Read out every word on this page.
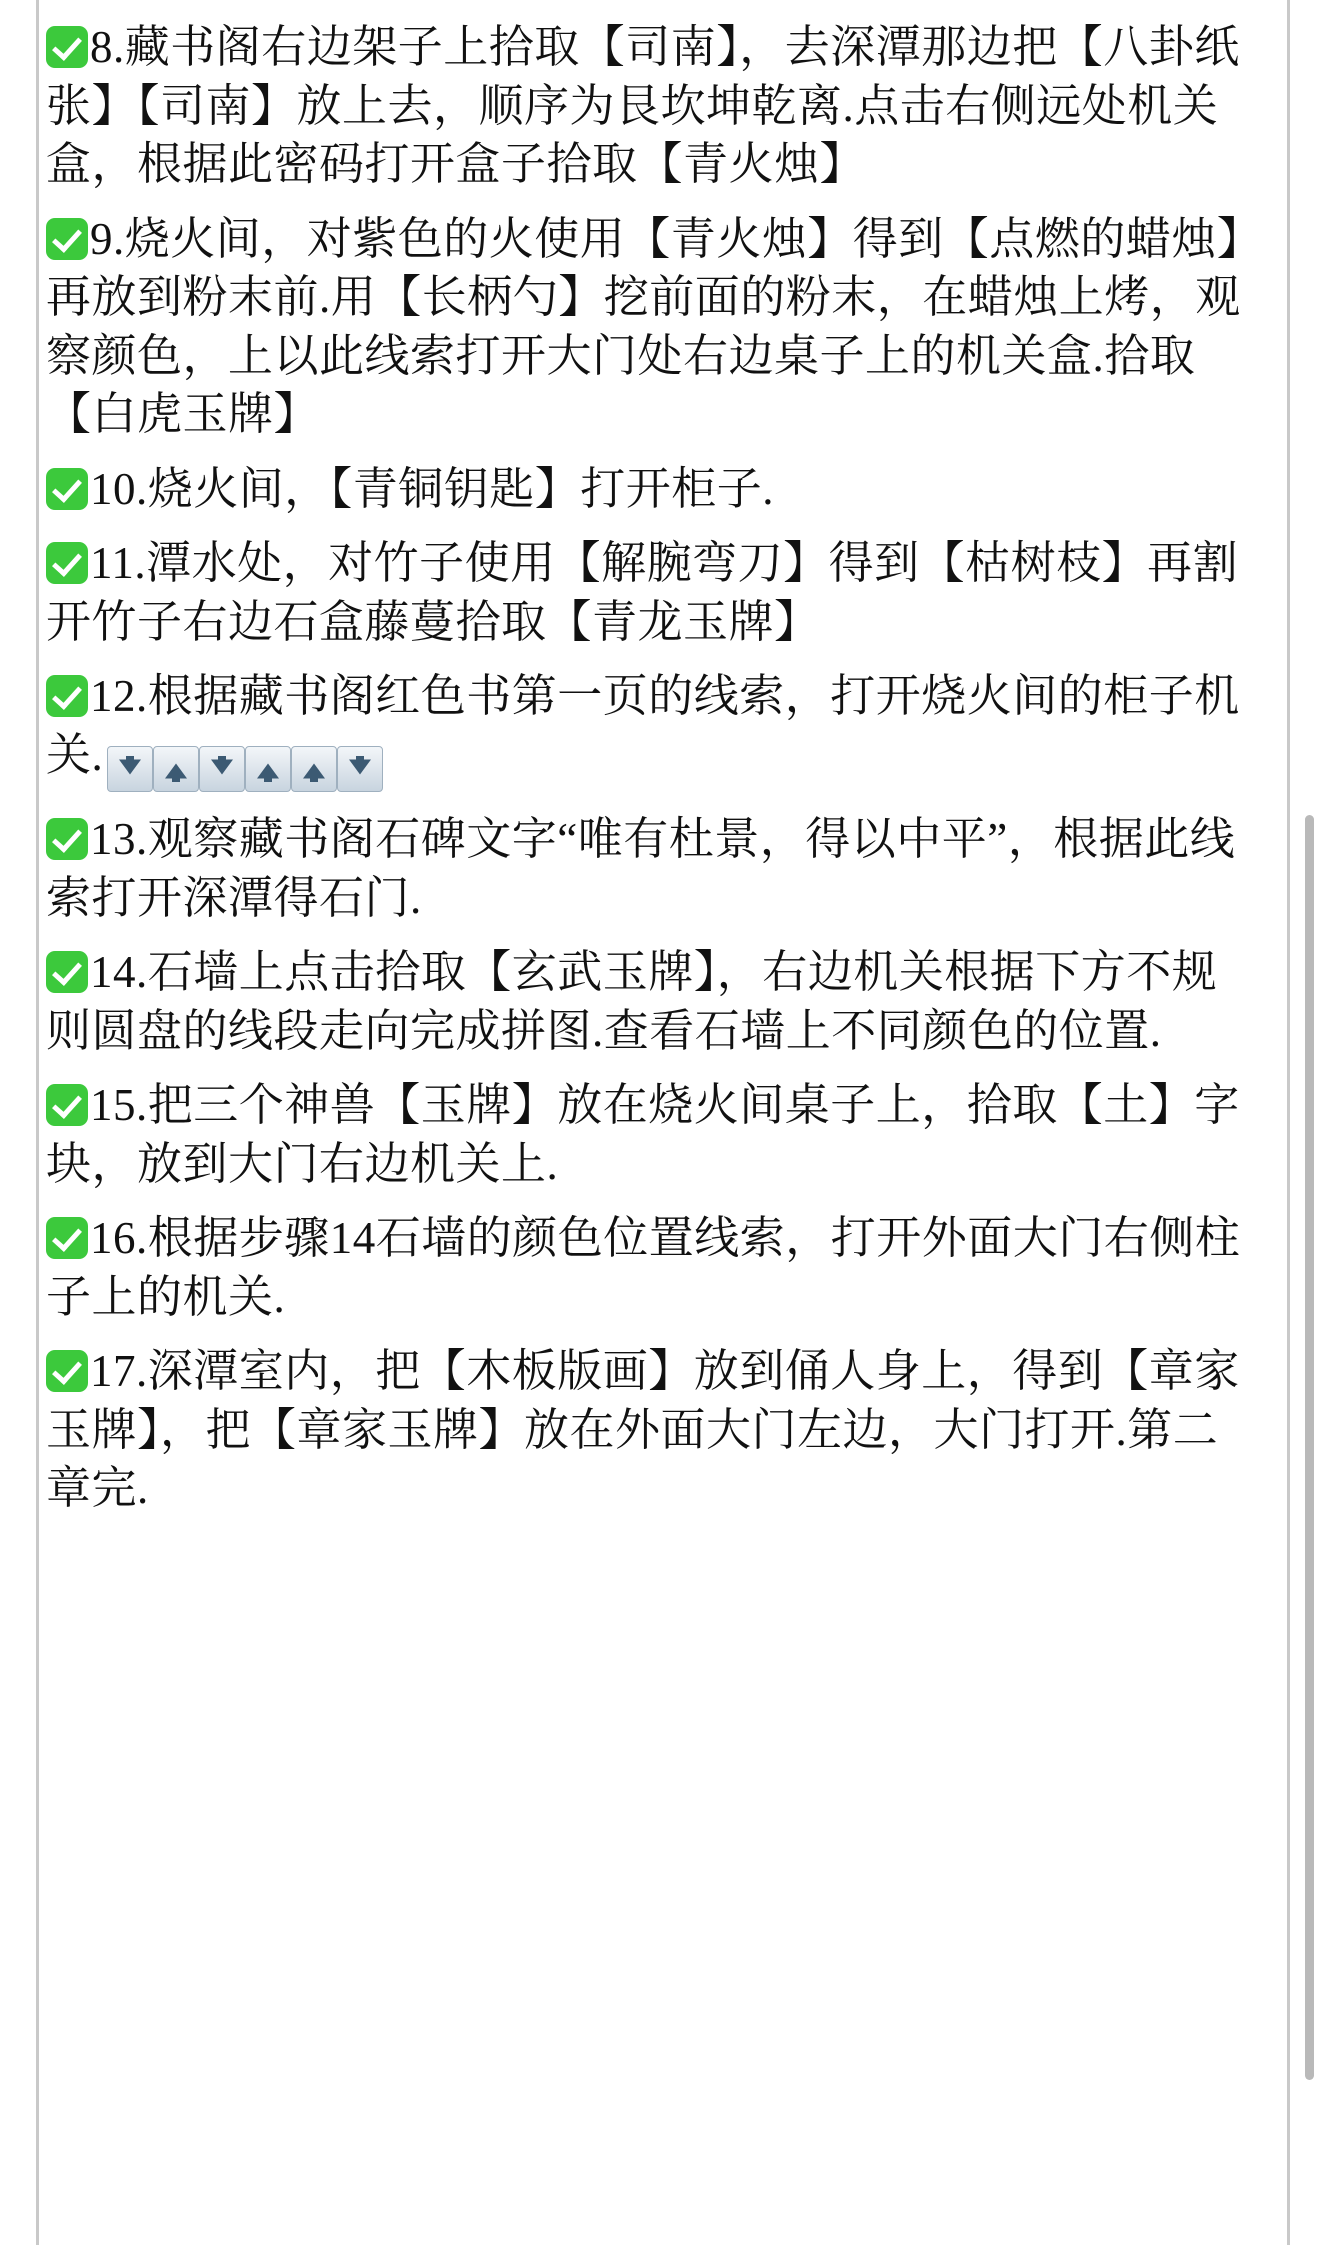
8.藏书阁右边架子上拾取【司南】，去深潭那边把【八卦纸张】【司南】放上去，顺序为艮坎坤乾离.点击右侧远处机关盒，根据此密码打开盒子拾取【青火烛】

9.烧火间，对紫色的火使用【青火烛】得到【点燃的蜡烛】再放到粉末前.用【长柄勺】挖前面的粉末，在蜡烛上烤，观察颜色，上以此线索打开大门处右边桌子上的机关盒.拾取【白虎玉牌】

10.烧火间，【青铜钥匙】打开柜子.

11.潭水处，对竹子使用【解腕弯刀】得到【枯树枝】再割开竹子右边石盒藤蔓拾取【青龙玉牌】

12.根据藏书阁红色书第一页的线索，打开烧火间的柜子机关.

13.观察藏书阁石碑文字“唯有杜景，得以中平”，根据此线索打开深潭得石门.

14.石墙上点击拾取【玄武玉牌】，右边机关根据下方不规则圆盘的线段走向完成拼图.查看石墙上不同颜色的位置.

15.把三个神兽【玉牌】放在烧火间桌子上，拾取【土】字块，放到大门右边机关上.

16.根据步骤14石墙的颜色位置线索，打开外面大门右侧柱子上的机关.

17.深潭室内，把【木板版画】放到俑人身上，得到【章家玉牌】，把【章家玉牌】放在外面大门左边，大门打开.第二章完.
